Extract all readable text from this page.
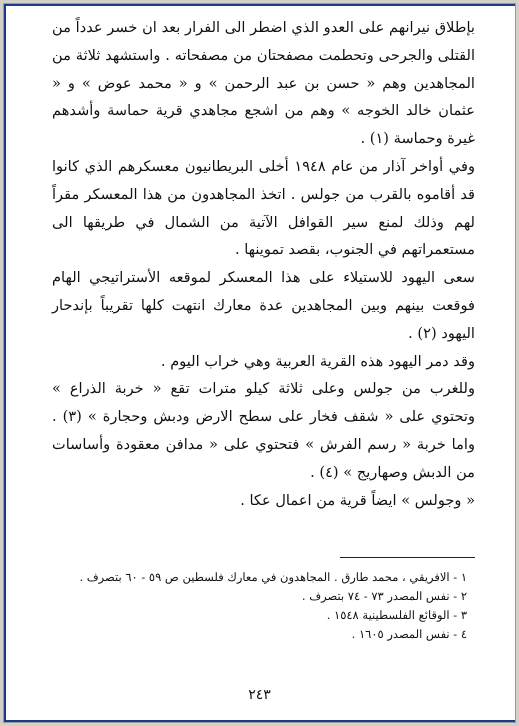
بإطلاق نيرانهم على العدو الذي اضطر الى الفرار بعد ان خسر عدداً من القتلى والجرحى وتحطمت مصفحتان من مصفحاته . واستشهد ثلاثة من المجاهدين وهم « حسن بن عبد الرحمن » و « محمد عوض » و « عثمان خالد الخوجه » وهم من اشجع مجاهدي قرية حماسة وأشدهم غيرة وحماسة (١) .

وفي أواخر آذار من عام ١٩٤٨ أخلى البريطانيون معسكرهم الذي كانوا قد أقاموه بالقرب من جولس . اتخذ المجاهدون من هذا المعسكر مقراً لهم وذلك لمنع سير القوافل الآتية من الشمال في طريقها الى مستعمراتهم في الجنوب، بقصد تموينها .

سعى اليهود للاستيلاء على هذا المعسكر لموقعه الأستراتيجي الهام فوقعت بينهم وبين المجاهدين عدة معارك انتهت كلها تقريباً بإندحار اليهود (٢) .

وقد دمر اليهود هذه القرية العربية وهي خراب اليوم .

وللغرب من جولس وعلى ثلاثة كيلو مترات تقع « خربة الذراع » وتحتوي على « شقف فخار على سطح الارض ودبش وحجارة » (٣) . واما خربة « رسم الفرش » فتحتوي على « مدافن معقودة وأساسات من الدبش وصهاريج » (٤) .

« وجولس » ايضاً قرية من اعمال عكا .

١ - الافريقي ، محمد طارق . المجاهدون في معارك فلسطين ص ٥٩ - ٦٠ بتصرف .
٢ - نفس المصدر ٧٣ - ٧٤ بتصرف .
٣ - الوقائع الفلسطينية ١٥٤٨ .
٤ - نفس المصدر ١٦٠٥ .
٢٤٣
